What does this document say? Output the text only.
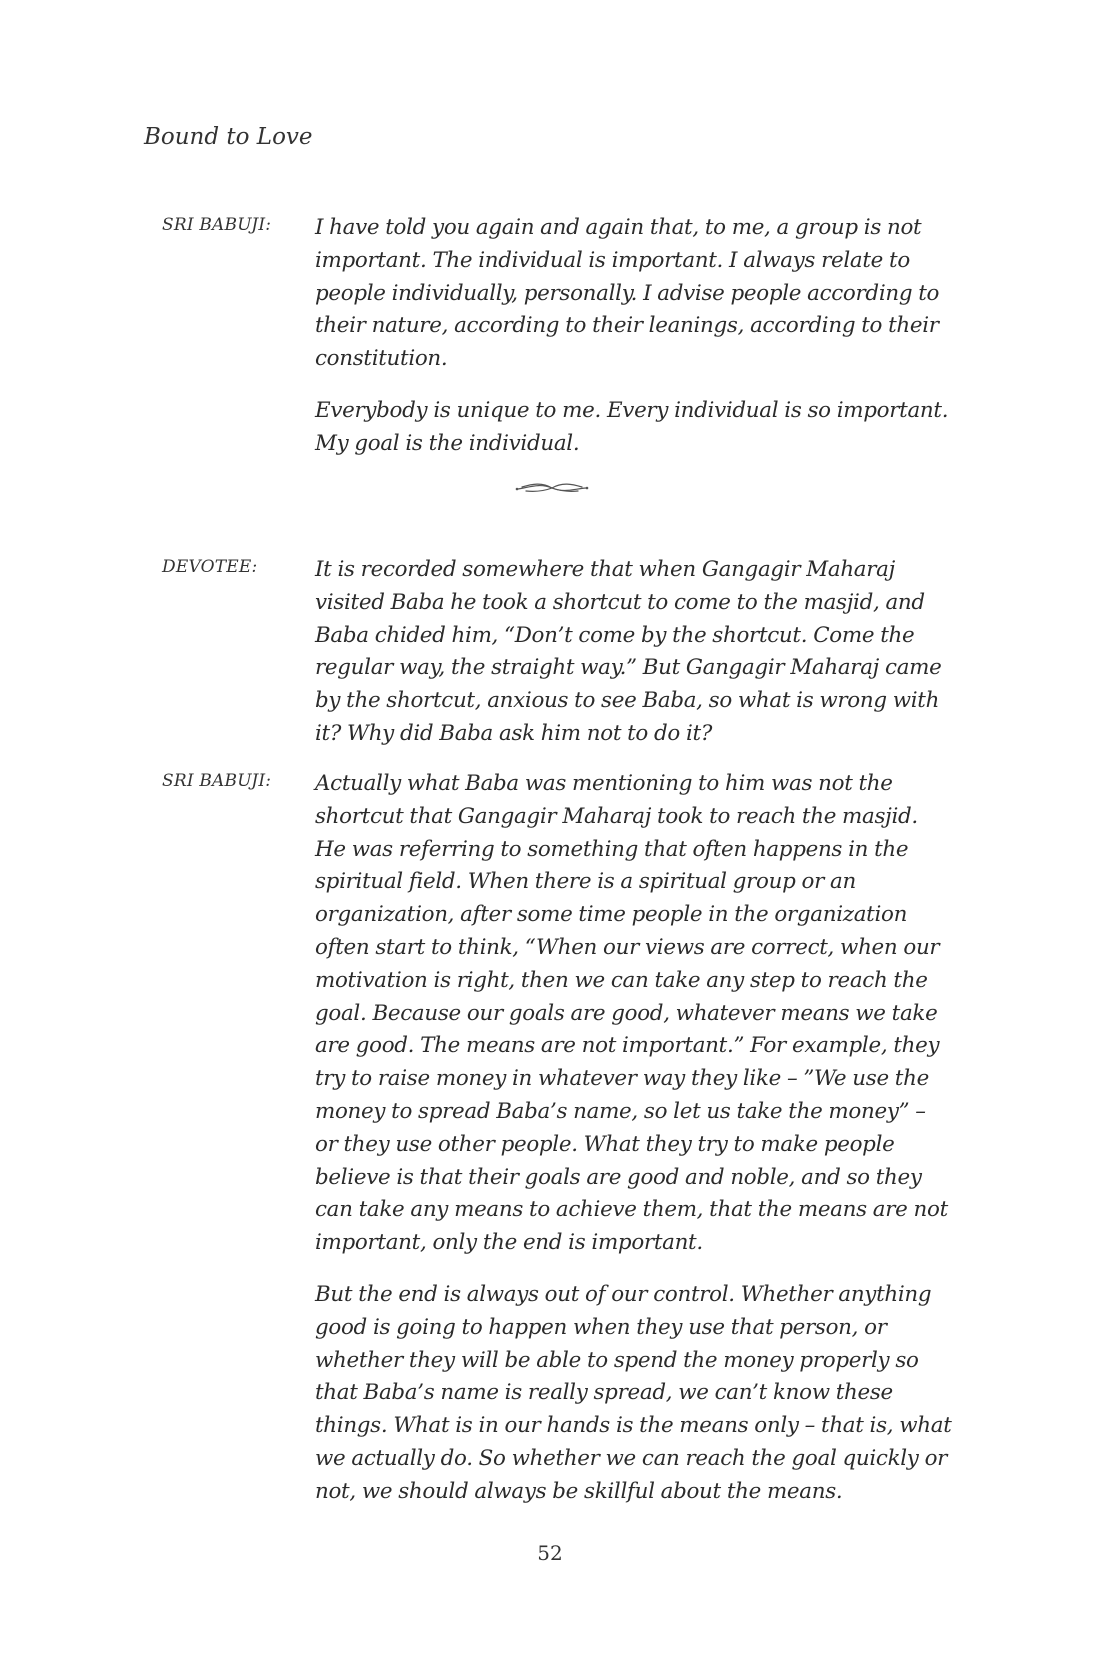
Bound to Love
SRI BABUJI:	I have told you again and again that, to me, a group is not important. The individual is important. I always relate to people individually, personally. I advise people according to their nature, according to their leanings, according to their constitution.

Everybody is unique to me. Every individual is so important. My goal is the individual.

DEVOTEE:	It is recorded somewhere that when Gangagir Maharaj visited Baba he took a shortcut to come to the masjid, and Baba chided him, “Don’t come by the shortcut. Come the regular way, the straight way.” But Gangagir Maharaj came by the shortcut, anxious to see Baba, so what is wrong with it? Why did Baba ask him not to do it?

SRI BABUJI:	Actually what Baba was mentioning to him was not the shortcut that Gangagir Maharaj took to reach the masjid. He was referring to something that often happens in the spiritual field. When there is a spiritual group or an organization, after some time people in the organization often start to think, “When our views are correct, when our motivation is right, then we can take any step to reach the goal. Because our goals are good, whatever means we take are good. The means are not important.” For example, they try to raise money in whatever way they like – ”We use the money to spread Baba’s name, so let us take the money” – or they use other people. What they try to make people believe is that their goals are good and noble, and so they can take any means to achieve them, that the means are not important, only the end is important.

But the end is always out of our control. Whether anything good is going to happen when they use that person, or whether they will be able to spend the money properly so that Baba’s name is really spread, we can’t know these things. What is in our hands is the means only – that is, what we actually do. So whether we can reach the goal quickly or not, we should always be skillful about the means.

52
